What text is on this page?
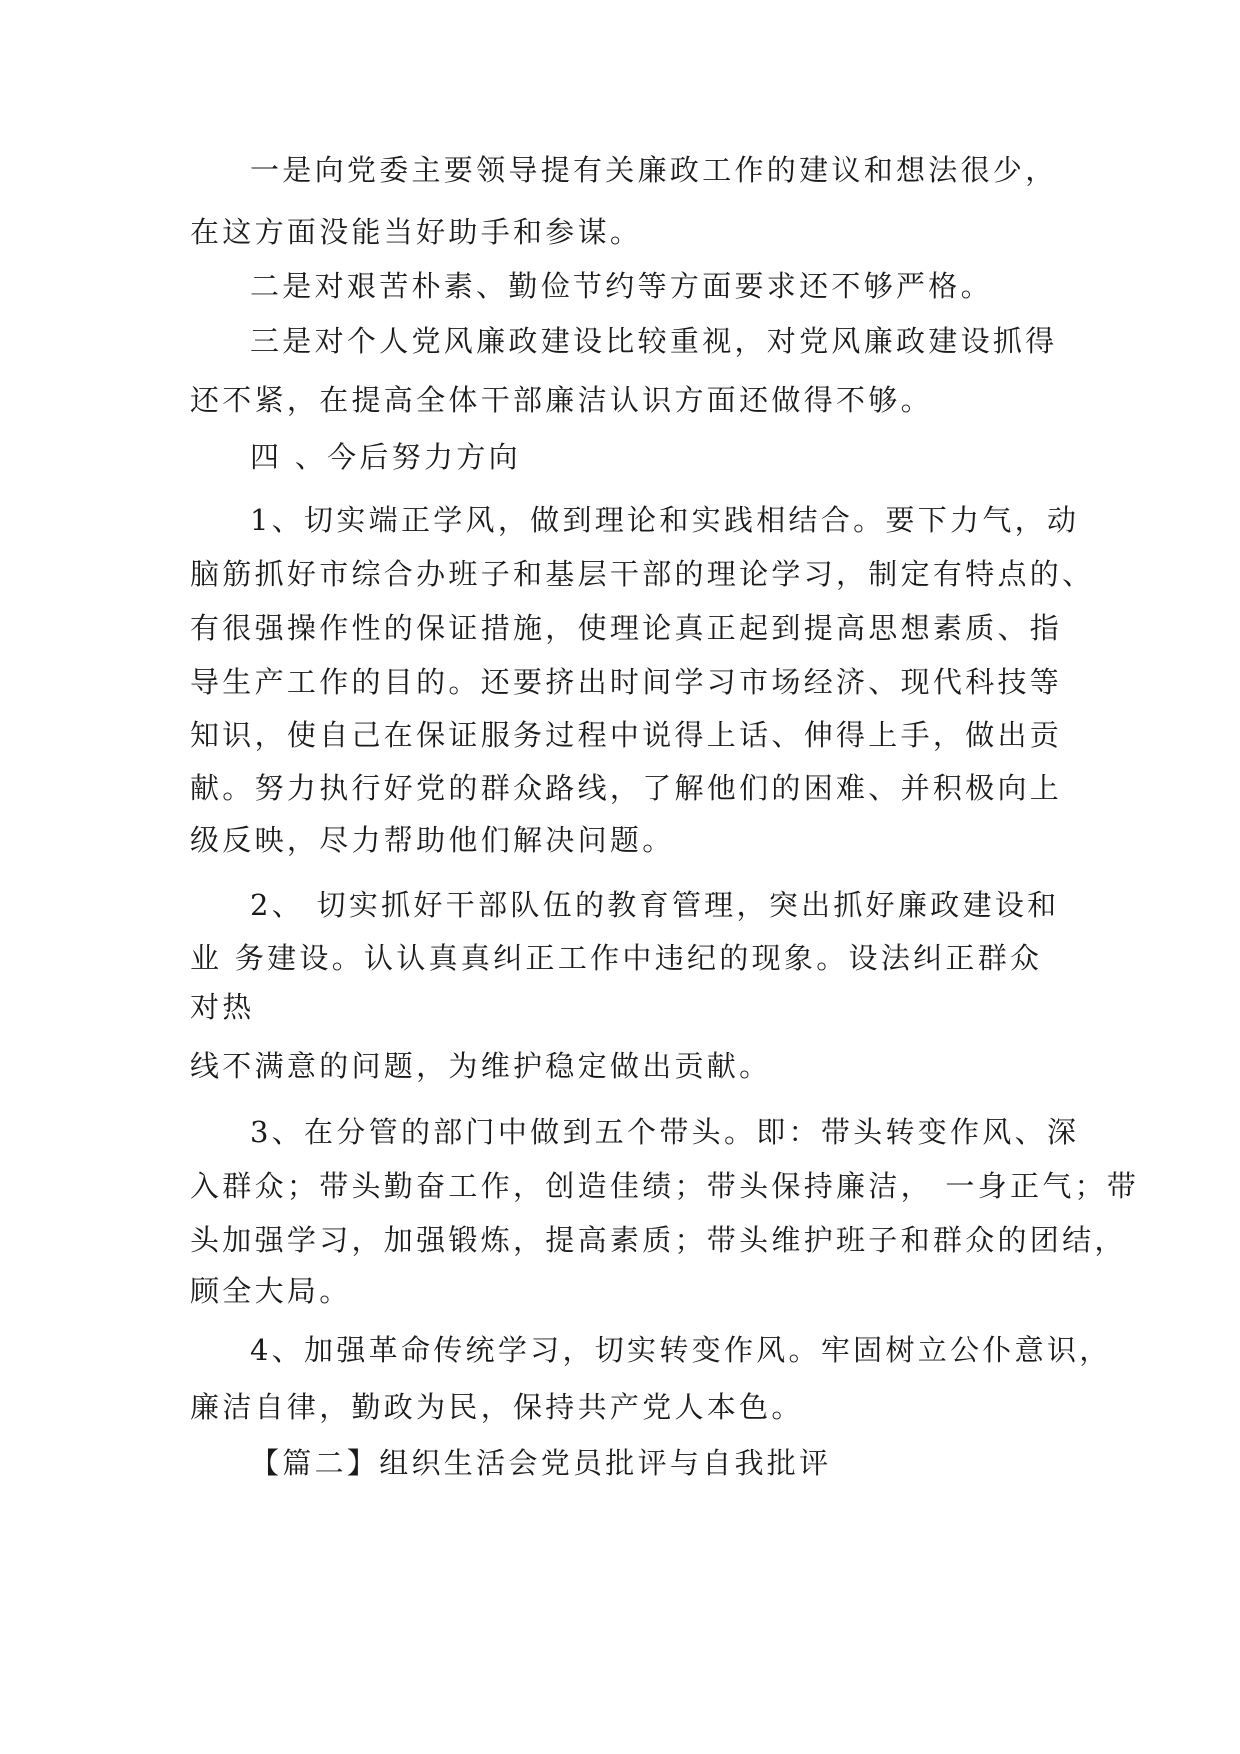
一是向党委主要领导提有关廉政工作的建议和想法很少，

在这方面没能当好助手和参谋。

二是对艰苦朴素、勤俭节约等方面要求还不够严格。

三是对个人党风廉政建设比较重视，对党风廉政建设抓得

还不紧，在提高全体干部廉洁认识方面还做得不够。

四 、今后努力方向

1、切实端正学风，做到理论和实践相结合。要下力气，动

脑筋抓好市综合办班子和基层干部的理论学习，制定有特点的、

有很强操作性的保证措施，使理论真正起到提高思想素质、指

导生产工作的目的。还要挤出时间学习市场经济、现代科技等

知识，使自己在保证服务过程中说得上话、伸得上手，做出贡

献。努力执行好党的群众路线，了解他们的困难、并积极向上

级反映，尽力帮助他们解决问题。

2、 切实抓好干部队伍的教育管理，突出抓好廉政建设和

业 务建设。认认真真纠正工作中违纪的现象。设法纠正群众

对热

线不满意的问题，为维护稳定做出贡献。

3、在分管的部门中做到五个带头。即：带头转变作风、深

入群众；带头勤奋工作，创造佳绩；带头保持廉洁， 一身正气；带

头加强学习，加强锻炼，提高素质；带头维护班子和群众的团结，

顾全大局。

4、加强革命传统学习，切实转变作风。牢固树立公仆意识，

廉洁自律，勤政为民，保持共产党人本色。

【篇二】组织生活会党员批评与自我批评
